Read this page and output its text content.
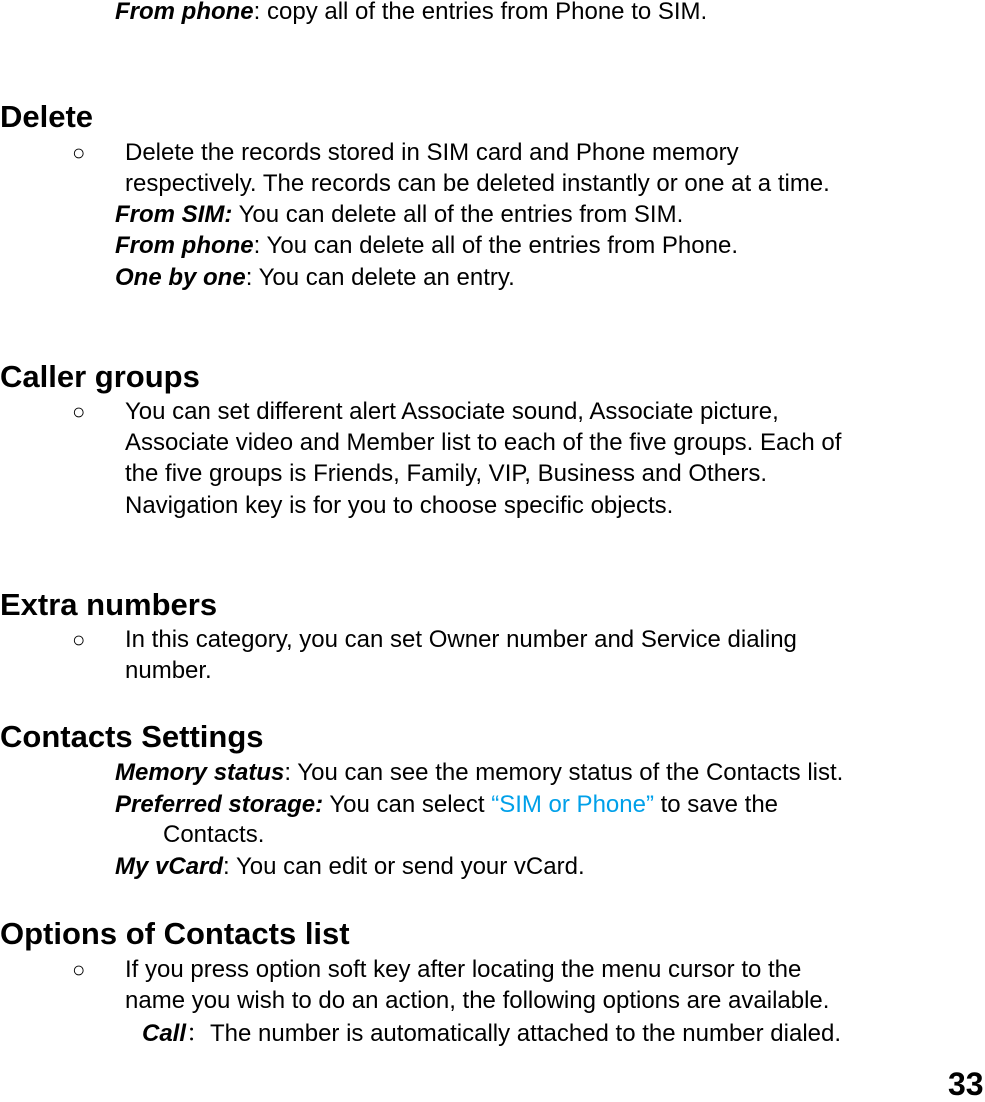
From phone: copy all of the entries from Phone to SIM.
Delete
○ Delete the records stored in SIM card and Phone memory
respectively. The records can be deleted instantly or one at a time.
From SIM: You can delete all of the entries from SIM.
From phone: You can delete all of the entries from Phone.
One by one: You can delete an entry.
Caller groups
○ You can set different alert Associate sound, Associate picture,
Associate video and Member list to each of the five groups. Each of
the five groups is Friends, Family, VIP, Business and Others.
Navigation key is for you to choose specific objects.
Extra numbers
○ In this category, you can set Owner number and Service dialing
number.
Contacts Settings
Memory status: You can see the memory status of the Contacts list.
Preferred storage: You can select “SIM or Phone” to save the
Contacts.
My vCard: You can edit or send your vCard.
Options of Contacts list
○ If you press option soft key after locating the menu cursor to the
name you wish to do an action, the following options are available.
Call：The number is automatically attached to the number dialed.
33
